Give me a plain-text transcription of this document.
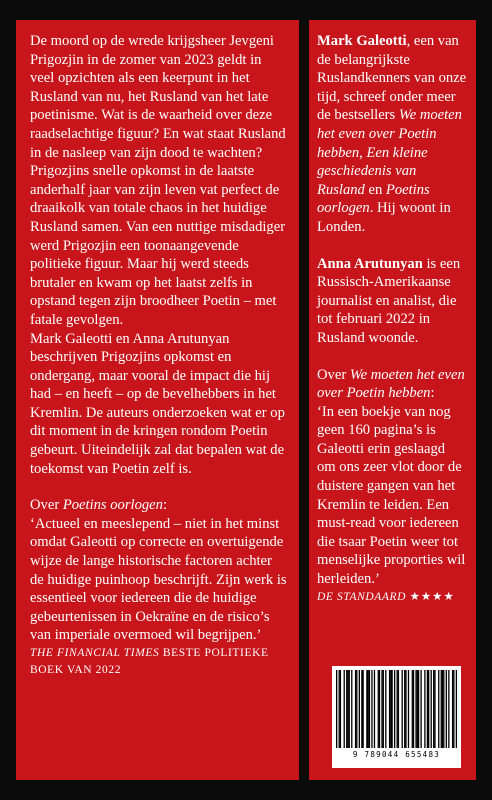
De moord op de wrede krijgsheer Jevgeni Prigozjin in de zomer van 2023 geldt in veel opzichten als een keerpunt in het Rusland van nu, het Rusland van het late poetinisme. Wat is de waarheid over deze raadselachtige figuur? En wat staat Rusland in de nasleep van zijn dood te wachten?

Prigozjins snelle opkomst in de laatste anderhalf jaar van zijn leven vat perfect de draaikolk van totale chaos in het huidige Rusland samen. Van een nuttige misdadiger werd Prigozjin een toonaangevende politieke figuur. Maar hij werd steeds brutaler en kwam op het laatst zelfs in opstand tegen zijn broodheer Poetin – met fatale gevolgen.

Mark Galeotti en Anna Arutunyan beschrijven Prigozjins opkomst en ondergang, maar vooral de impact die hij had – en heeft – op de bevelhebbers in het Kremlin. De auteurs onderzoeken wat er op dit moment in de kringen rondom Poetin gebeurt. Uiteindelijk zal dat bepalen wat de toekomst van Poetin zelf is.

Over Poetins oorlogen:

‘Actueel en meeslepend – niet in het minst omdat Galeotti op correcte en overtuigende wijze de lange historische factoren achter de huidige puinhoop beschrijft. Zijn werk is essentieel voor iedereen die de huidige gebeurtenissen in Oekraïne en de risico’s van imperiale overmoed wil begrijpen.’

THE FINANCIAL TIMES BESTE POLITIEKE BOEK VAN 2022

Mark Galeotti, een van de belangrijkste Ruslandkenners van onze tijd, schreef onder meer de bestsellers We moeten het even over Poetin hebben, Een kleine geschiedenis van Rusland en Poetins oorlogen. Hij woont in Londen.

Anna Arutunyan is een Russisch-Amerikaanse journalist en analist, die tot februari 2022 in Rusland woonde.

Over We moeten het even over Poetin hebben:

‘In een boekje van nog geen 160 pagina’s is Galeotti erin geslaagd om ons zeer vlot door de duistere gangen van het Kremlin te leiden. Een must-read voor iedereen die tsaar Poetin weer tot menselijke proporties wil herleiden.’

DE STANDAARD ★★★★

9 789044 655483
